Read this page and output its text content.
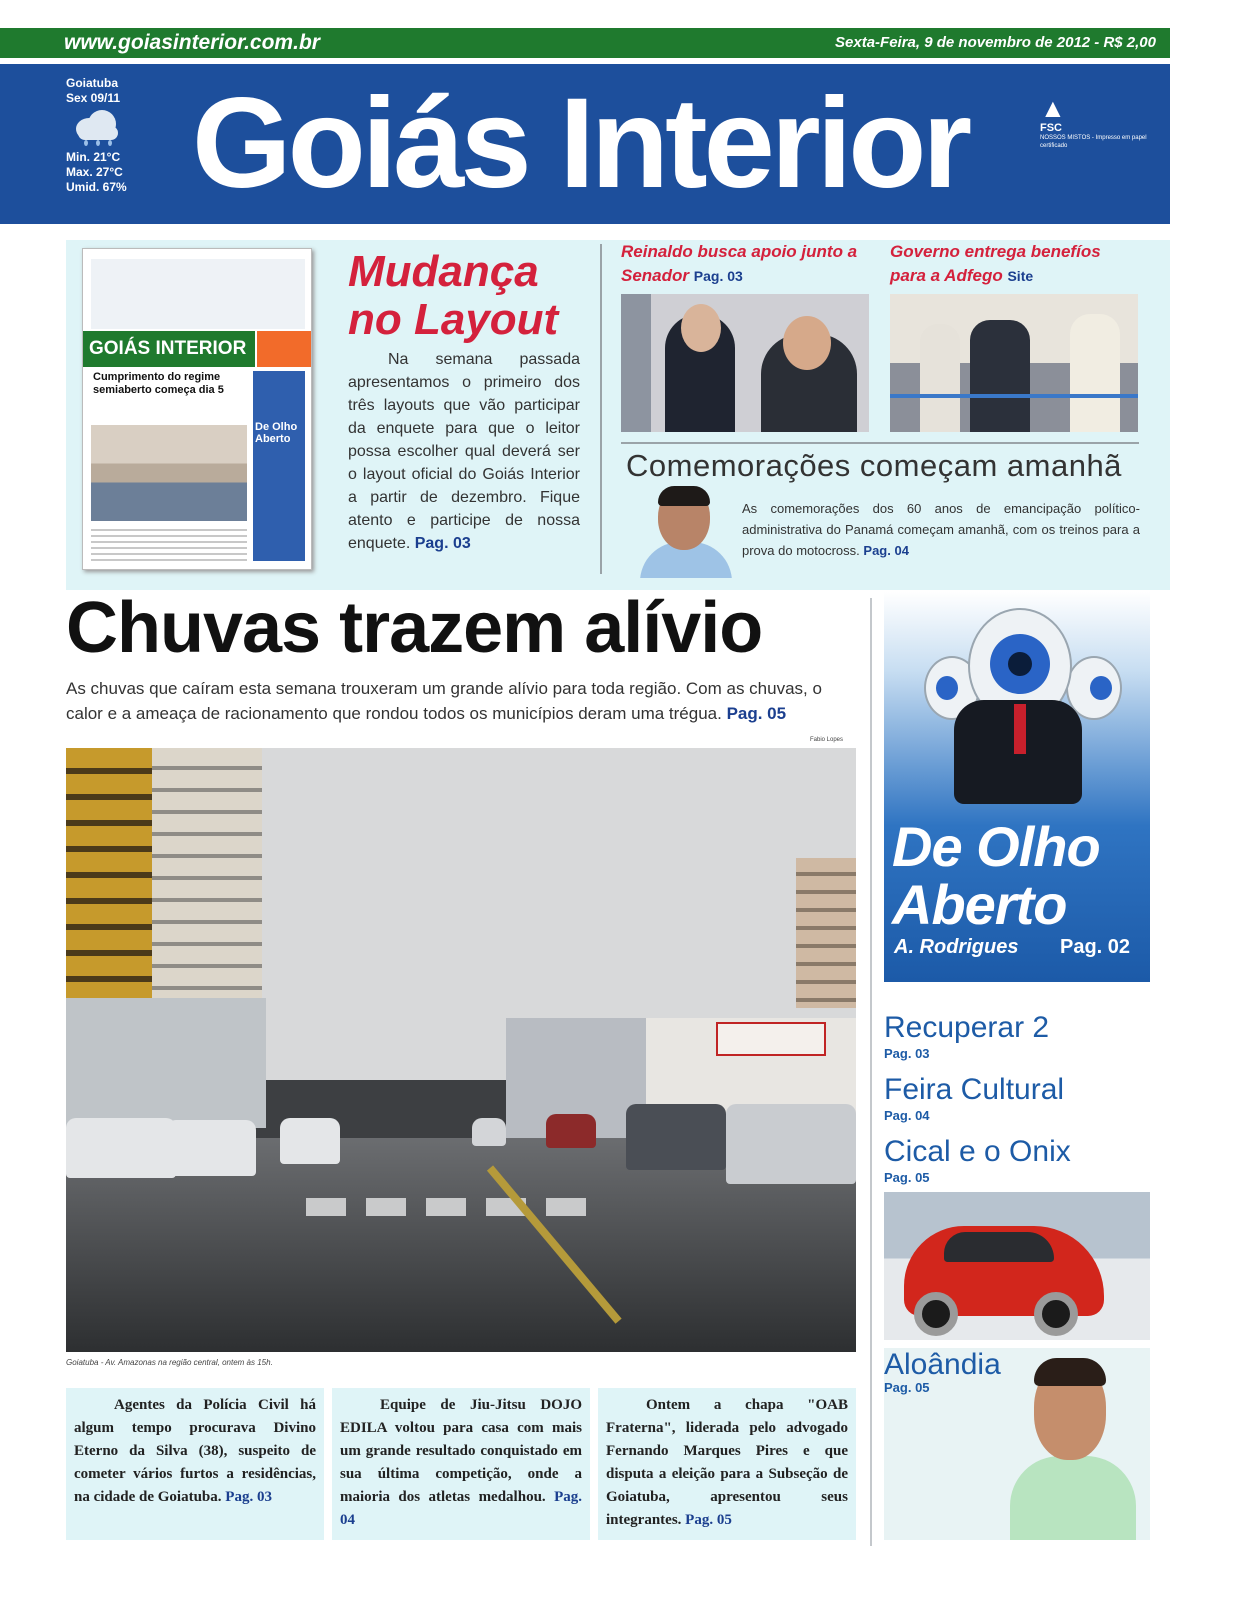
www.goiasinterior.com.br	Sexta-Feira, 9 de novembro de 2012 - R$ 2,00
Goiatuba
Sex 09/11
Min. 21°C
Max. 27°C
Umid. 67% Goiás Interior	▲
FSC
NOSSOS MISTOS - Impresso em papel certificado
GOIÁS INTERIOR
Cumprimento do regime semiaberto começa dia 5
De Olho Aberto
Mudança
no Layout
Na semana passada apresentamos o primeiro dos três layouts que vão participar da enquete para que o leitor possa escolher qual deverá ser o layout oficial do Goiás Interior a partir de dezembro. Fique atento e participe de nossa enquete. Pag. 03
Reinaldo busca apoio junto a
Senador Pag. 03
Governo entrega benefíos
para a Adfego Site
Comemorações começam amanhã
As comemorações dos 60 anos de emancipação político-administrativa do Panamá começam amanhã, com os treinos para a prova do motocross. Pag. 04
Chuvas trazem alívio
As chuvas que caíram esta semana trouxeram um grande alívio para toda região. Com as chuvas, o calor e a ameaça de racionamento que rondou todos os municípios deram uma trégua. Pag. 05
Fabio Lopes
Goiatuba - Av. Amazonas na região central, ontem às 15h.

Agentes da Polícia Civil há algum tempo procurava Divino Eterno da Silva (38), suspeito de cometer vários furtos a residências, na cidade de Goiatuba. Pag. 03

Equipe de Jiu-Jitsu DOJO EDILA voltou para casa com mais um grande resultado conquistado em sua última competição, onde a maioria dos atletas medalhou. Pag. 04

Ontem a chapa "OAB Fraterna", liderada pelo advogado Fernando Marques Pires e que disputa a eleição para a Subseção de Goiatuba, apresentou seus integrantes. Pag. 05

De Olho
Aberto
A. Rodrigues Pag. 02
Recuperar 2
Pag. 03
Feira Cultural
Pag. 04
Cical e o Onix
Pag. 05
Aloândia
Pag. 05
